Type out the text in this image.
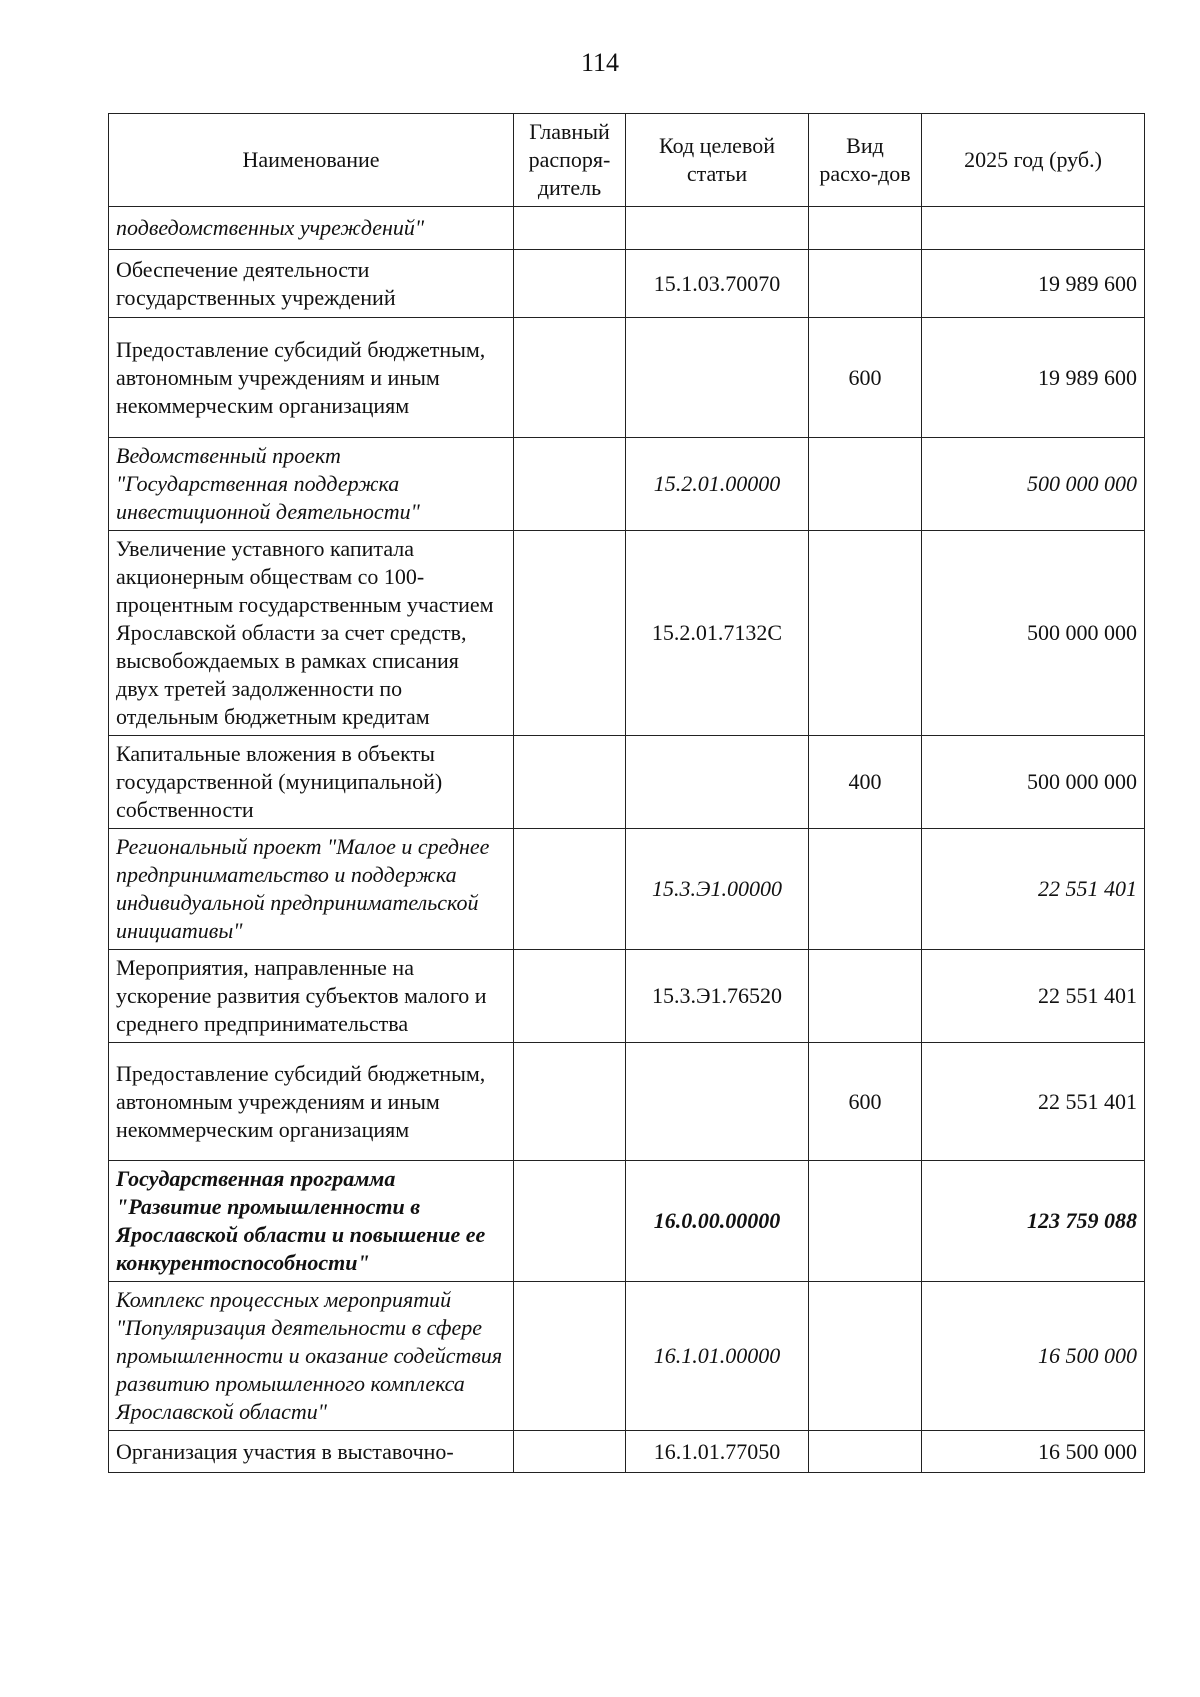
114
Наименование	Главный распоря-дитель	Код целевой статьи	Вид расхо-дов	2025 год (руб.)
подведомственных учреждений"				
Обеспечение деятельности государственных учреждений		15.1.03.70070		19 989 600
Предоставление субсидий бюджетным, автономным учреждениям и иным некоммерческим организациям			600	19 989 600
Ведомственный проект "Государственная поддержка инвестиционной деятельности"		15.2.01.00000		500 000 000
Увеличение уставного капитала акционерным обществам со 100-процентным государственным участием Ярославской области за счет средств, высвобождаемых в рамках списания двух третей задолженности по отдельным бюджетным кредитам		15.2.01.7132С		500 000 000
Капитальные вложения в объекты государственной (муниципальной) собственности			400	500 000 000
Региональный проект "Малое и среднее предпринимательство и поддержка индивидуальной предпринимательской инициативы"		15.3.Э1.00000		22 551 401
Мероприятия, направленные на ускорение развития субъектов малого и среднего предпринимательства		15.3.Э1.76520		22 551 401
Предоставление субсидий бюджетным, автономным учреждениям и иным некоммерческим организациям			600	22 551 401
Государственная программа "Развитие промышленности в Ярославской области и повышение ее конкурентоспособности"		16.0.00.00000		123 759 088
Комплекс процессных мероприятий "Популяризация деятельности в сфере промышленности и оказание содействия развитию промышленного комплекса Ярославской области"		16.1.01.00000		16 500 000
Организация участия в выставочно-		16.1.01.77050		16 500 000
